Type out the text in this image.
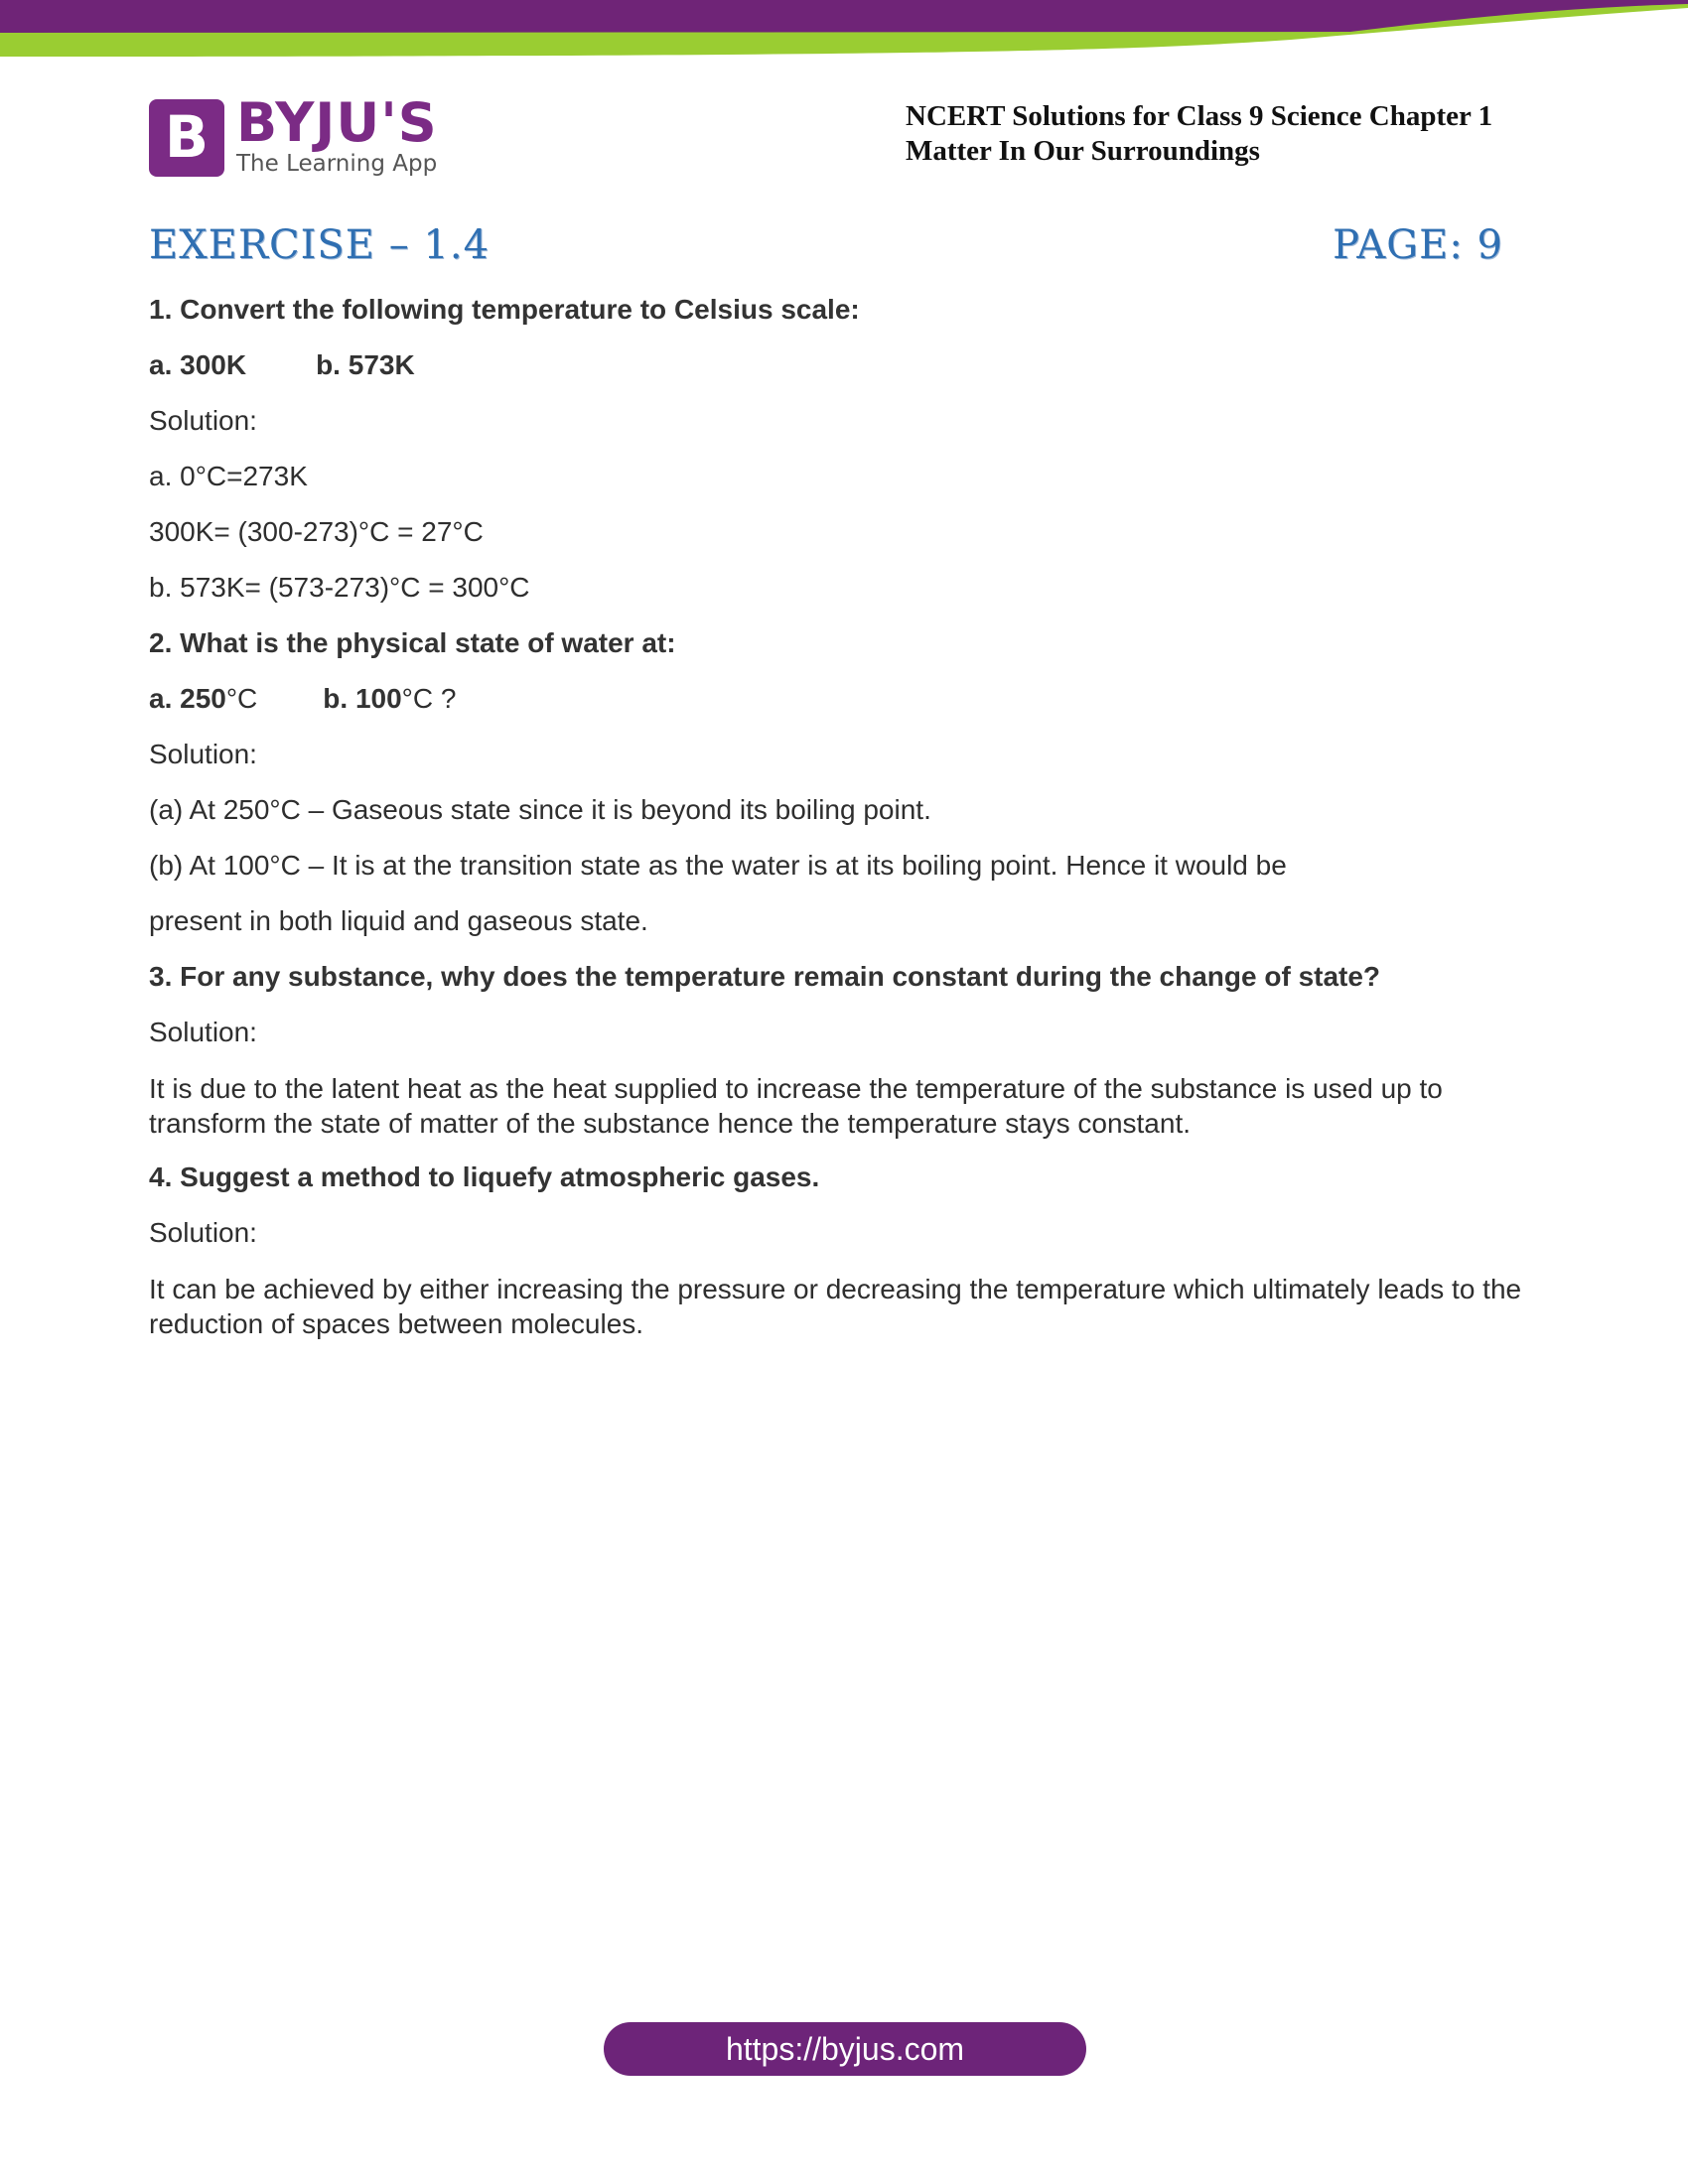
B BYJU'S
The Learning App
NCERT Solutions for Class 9 Science Chapter 1
Matter In Our Surroundings
EXERCISE – 1.4	PAGE: 9
1. Convert the following temperature to Celsius scale:
a. 300K	b. 573K
Solution:
a. 0°C=273K
300K= (300-273)°C = 27°C
b. 573K= (573-273)°C = 300°C
2. What is the physical state of water at:
a. 250°C b. 100°C ?
Solution:
(a) At 250°C – Gaseous state since it is beyond its boiling point.
(b) At 100°C – It is at the transition state as the water is at its boiling point. Hence it would be
present in both liquid and gaseous state.
3. For any substance, why does the temperature remain constant during the change of state?
Solution:
It is due to the latent heat as the heat supplied to increase the temperature of the substance is used up to transform the state of matter of the substance hence the temperature stays constant.
4. Suggest a method to liquefy atmospheric gases.
Solution:
It can be achieved by either increasing the pressure or decreasing the temperature which ultimately leads to the reduction of spaces between molecules.
https://byjus.com
